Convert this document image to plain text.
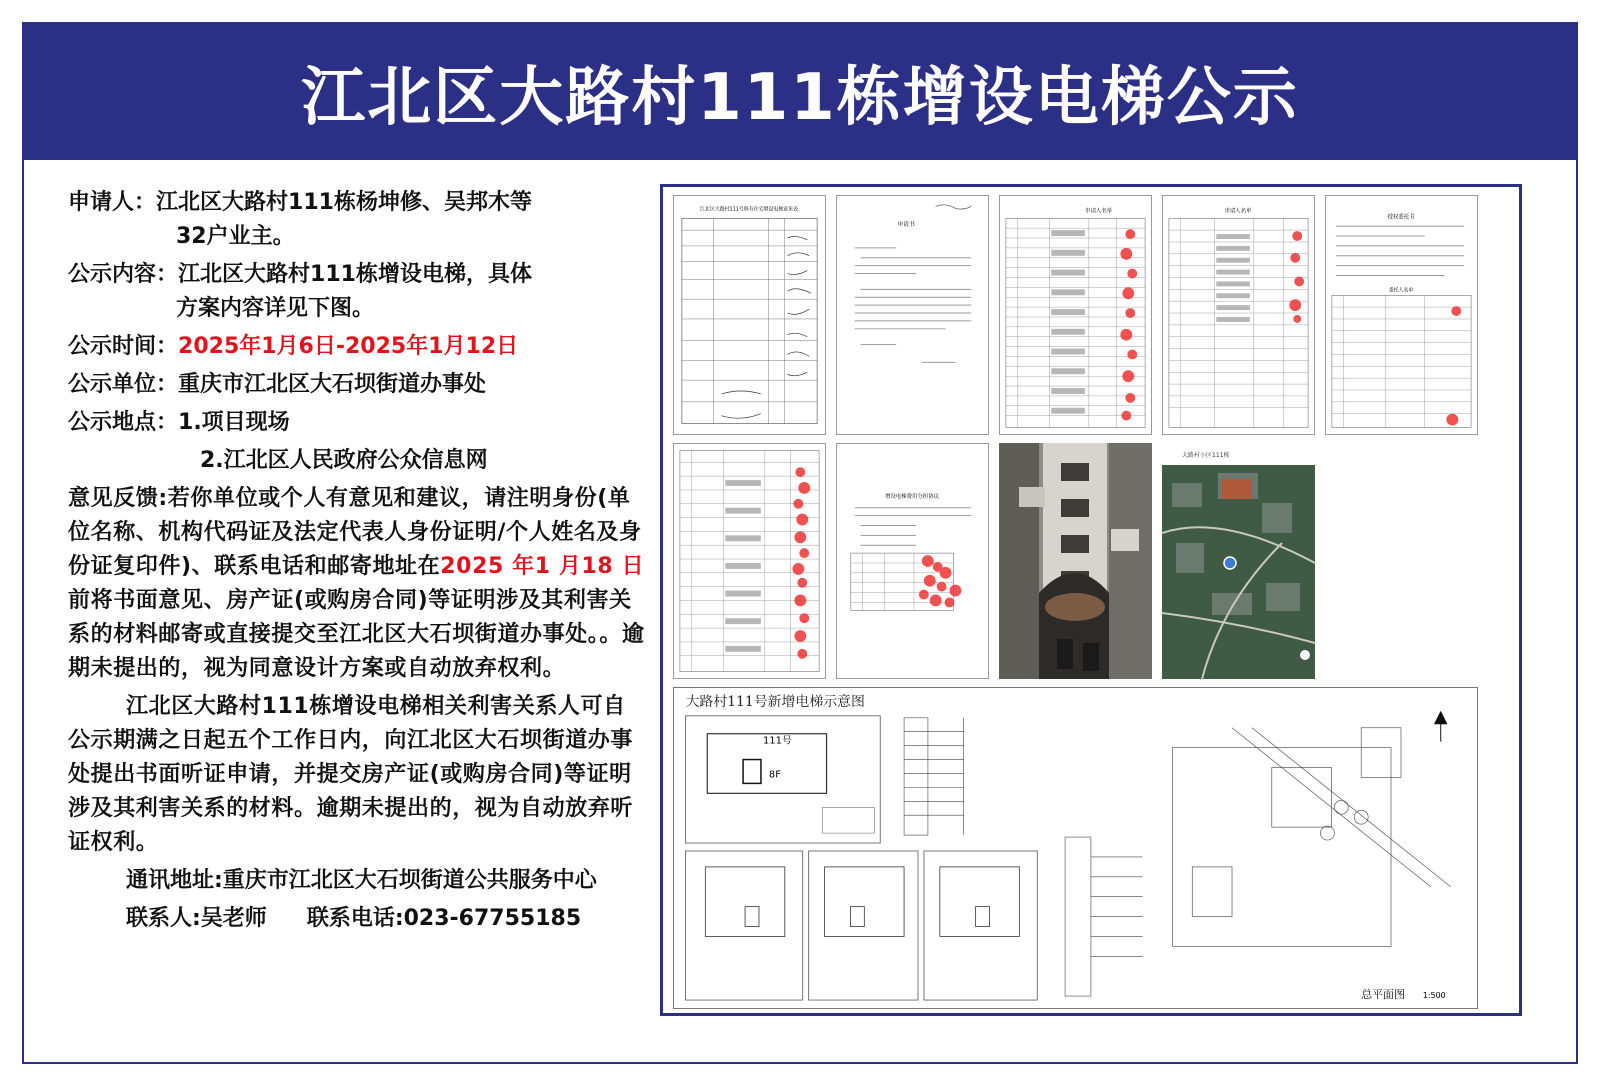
江北区大路村111栋增设电梯公示
申请人： 江北区大路村111栋杨坤修、吴邦木等
32户业主。
公示内容： 江北区大路村111栋增设电梯，具体
方案内容详见下图。
公示时间： 2025年1月6日-2025年1月12日
公示单位： 重庆市江北区大石坝街道办事处
公示地点： 1.项目现场
2.江北区人民政府公众信息网
意见反馈:若你单位或个人有意见和建议，请注明身份(单位名称、机构代码证及法定代表人身份证明/个人姓名及身份证复印件)、联系电话和邮寄地址在2025 年1 月18 日前将书面意见、房产证(或购房合同)等证明涉及其利害关系的材料邮寄或直接提交至江北区大石坝街道办事处。。逾期未提出的，视为同意设计方案或自动放弃权利。
江北区大路村111栋增设电梯相关利害关系人可自公示期满之日起五个工作日内，向江北区大石坝街道办事处提出书面听证申请，并提交房产证(或购房合同)等证明涉及其利害关系的材料。逾期未提出的，视为自动放弃听证权利。
通讯地址:重庆市江北区大石坝街道公共服务中心
联系人:吴老师 联系电话:023-67755185
江北区大路村111号既有住宅增设电梯意见表
申请书
申请人名单	申请人名单
授权委托书
委托人名单
增设电梯费用分担协议
大路村小区111栋
大路村111号新增电梯示意图
111号
8F
总平面图 1:500
